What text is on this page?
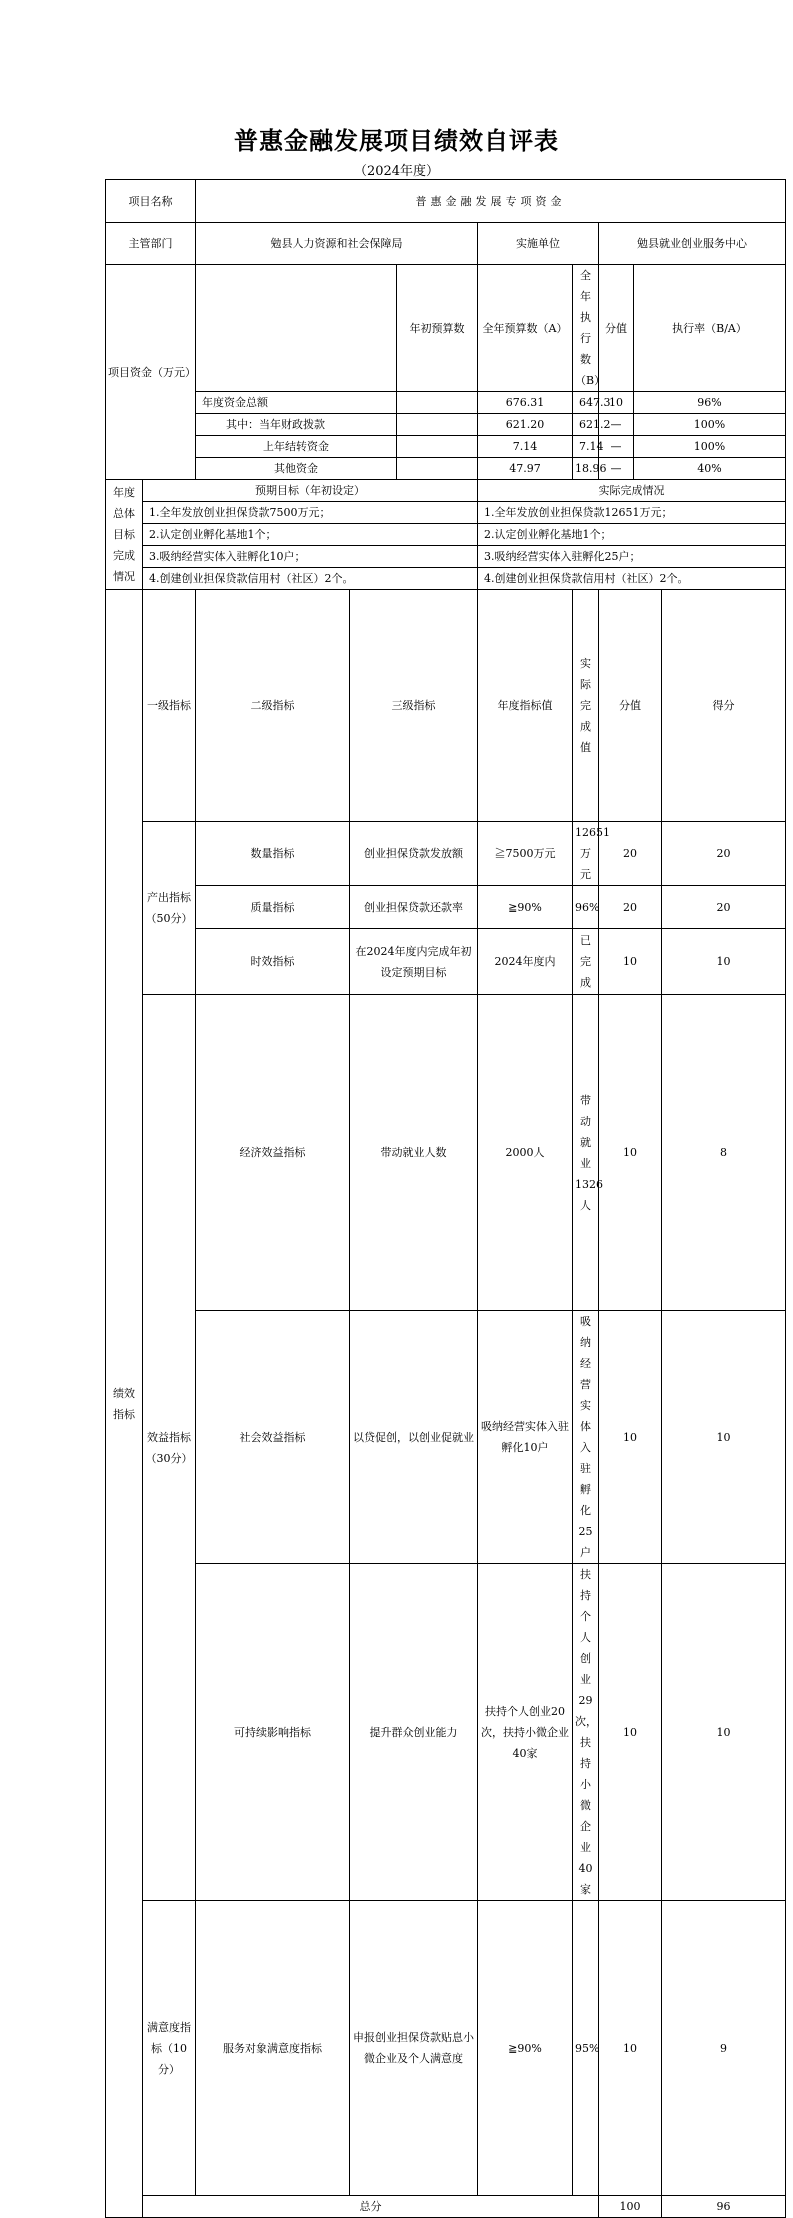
普惠金融发展项目绩效自评表
（2024年度）
项目名称		普惠金融发展专项资金								
主管部门		勉县人力资源和社会保障局			实施单位		勉县就业创业服务中心			
项目资金（万元）				年初预算数	全年预算数（A）	全年执行数（B）	分值	执行率（B/A）	
		年度资金总额			676.31	647.3	10	96%	
		其中：当年财政拨款			621.20	621.2	—	100%	
		上年结转资金			7.14	7.14	—	100%	
		其他资金			47.97	18.96	—	40%	
年度总体目标完成情况	预期目标（年初设定）				实际完成情况					
	1.全年发放创业担保贷款7500万元；				1.全年发放创业担保贷款12651万元；					
	2.认定创业孵化基地1个；				2.认定创业孵化基地1个；					
	3.吸纳经营实体入驻孵化10户；				3.吸纳经营实体入驻孵化25户；					
	4.创建创业担保贷款信用村（社区）2个。				4.创建创业担保贷款信用村（社区）2个。					
绩效指标	一级指标	二级指标	三级指标		年度指标值	实际完成值	分值		得分	
	产出指标（50分）	数量指标	创业担保贷款发放额		≧7500万元	12651万元	20		20	
		质量指标	创业担保贷款还款率		≧90%	96%	20		20	
		时效指标	在2024年度内完成年初设定预期目标		2024年度内	已完成	10		10	
	效益指标（30分）	经济效益指标	带动就业人数		2000人	带动就业1326人	10		8	
		社会效益指标	以贷促创，以创业促就业		吸纳经营实体入驻孵化10户	吸纳经营实体入驻孵化25户	10		10	
		可持续影响指标	提升群众创业能力		扶持个人创业20次，扶持小微企业40家	扶持个人创业29次，扶持小微企业40家	10		10	
	满意度指标（10分）	服务对象满意度指标	申报创业担保贷款贴息小微企业及个人满意度		≧90%	95%	10		9	
	总分						100		96	
